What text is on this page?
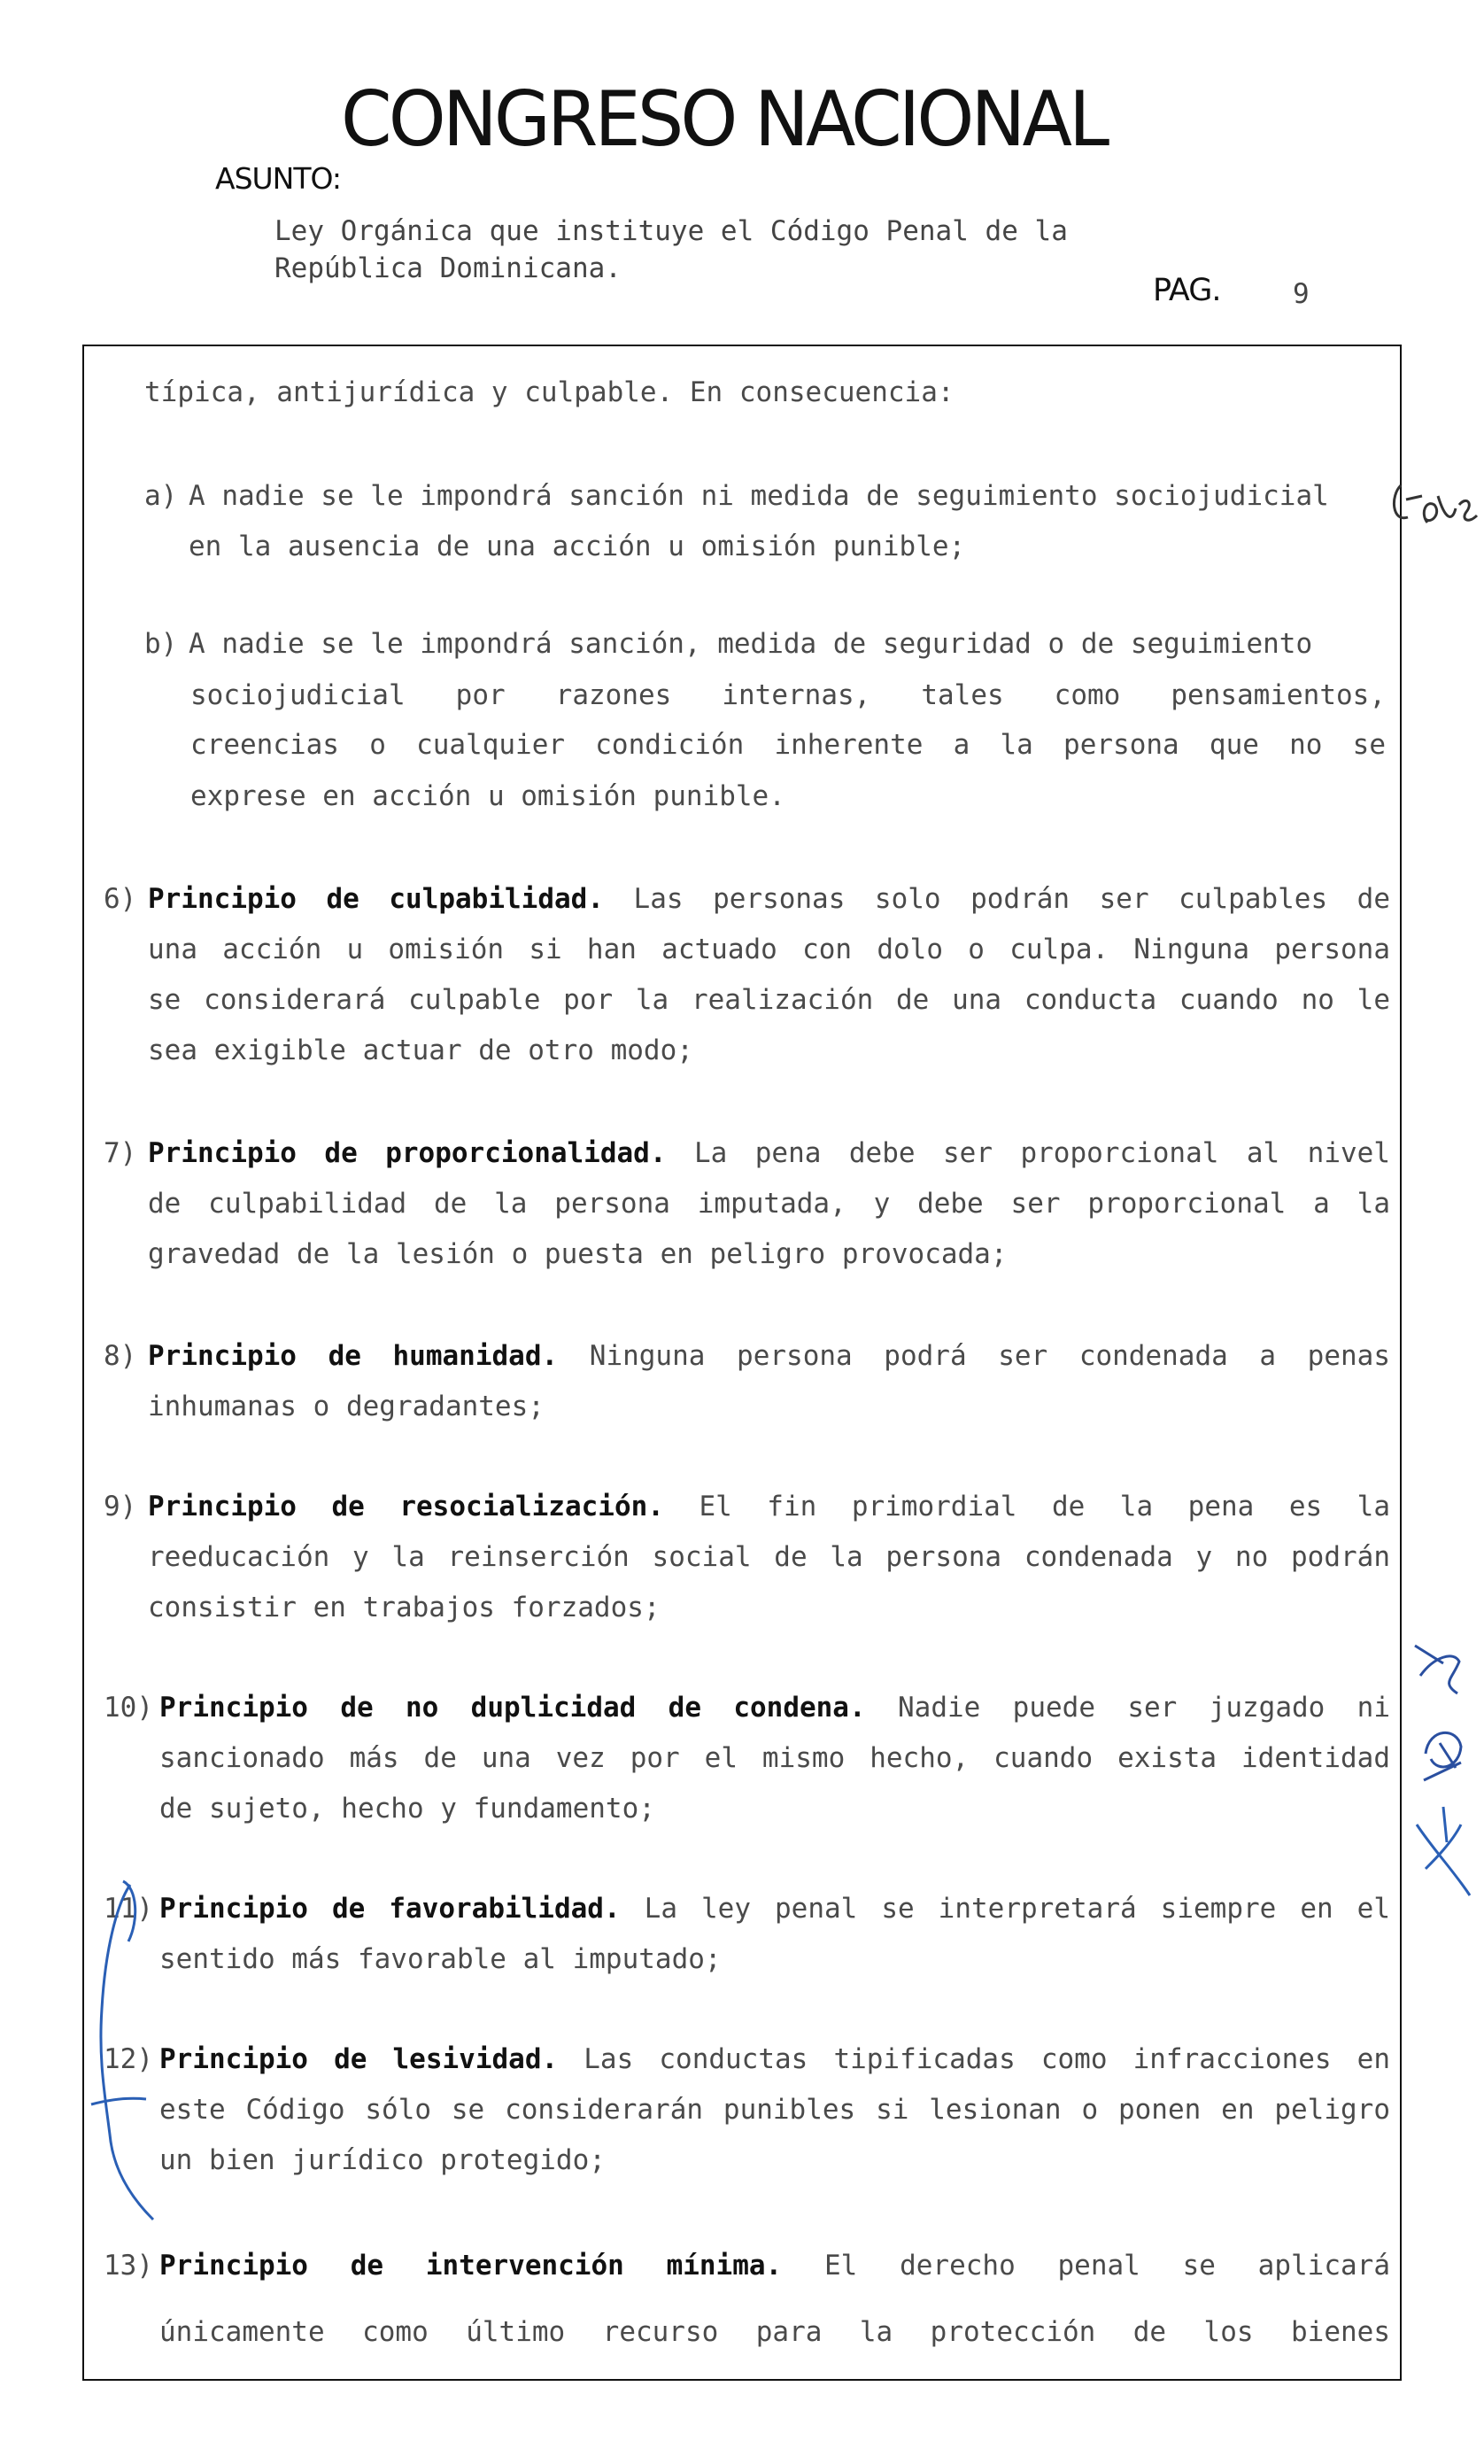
CONGRESO NACIONAL
ASUNTO:
Ley Orgánica que instituye el Código Penal de la
República Dominicana.
PAG.	9
típica, antijurídica y culpable. En consecuencia:
a) A nadie se le impondrá sanción ni medida de seguimiento sociojudicial
en la ausencia de una acción u omisión punible;
b) A nadie se le impondrá sanción, medida de seguridad o de seguimiento
sociojudicial por razones internas, tales como pensamientos,
creencias o cualquier condición inherente a la persona que no se
exprese en acción u omisión punible.
6) Principio de culpabilidad. Las personas solo podrán ser culpables de
una acción u omisión si han actuado con dolo o culpa. Ninguna persona
se considerará culpable por la realización de una conducta cuando no le
sea exigible actuar de otro modo;
7) Principio de proporcionalidad. La pena debe ser proporcional al nivel
de culpabilidad de la persona imputada, y debe ser proporcional a la
gravedad de la lesión o puesta en peligro provocada;
8) Principio de humanidad. Ninguna persona podrá ser condenada a penas
inhumanas o degradantes;
9) Principio de resocialización. El fin primordial de la pena es la
reeducación y la reinserción social de la persona condenada y no podrán
consistir en trabajos forzados;
10) Principio de no duplicidad de condena. Nadie puede ser juzgado ni
sancionado más de una vez por el mismo hecho, cuando exista identidad
de sujeto, hecho y fundamento;
11) Principio de favorabilidad. La ley penal se interpretará siempre en el
sentido más favorable al imputado;
12) Principio de lesividad. Las conductas tipificadas como infracciones en
este Código sólo se considerarán punibles si lesionan o ponen en peligro
un bien jurídico protegido;
13) Principio de intervención mínima. El derecho penal se aplicará
únicamente como último recurso para la protección de los bienes
